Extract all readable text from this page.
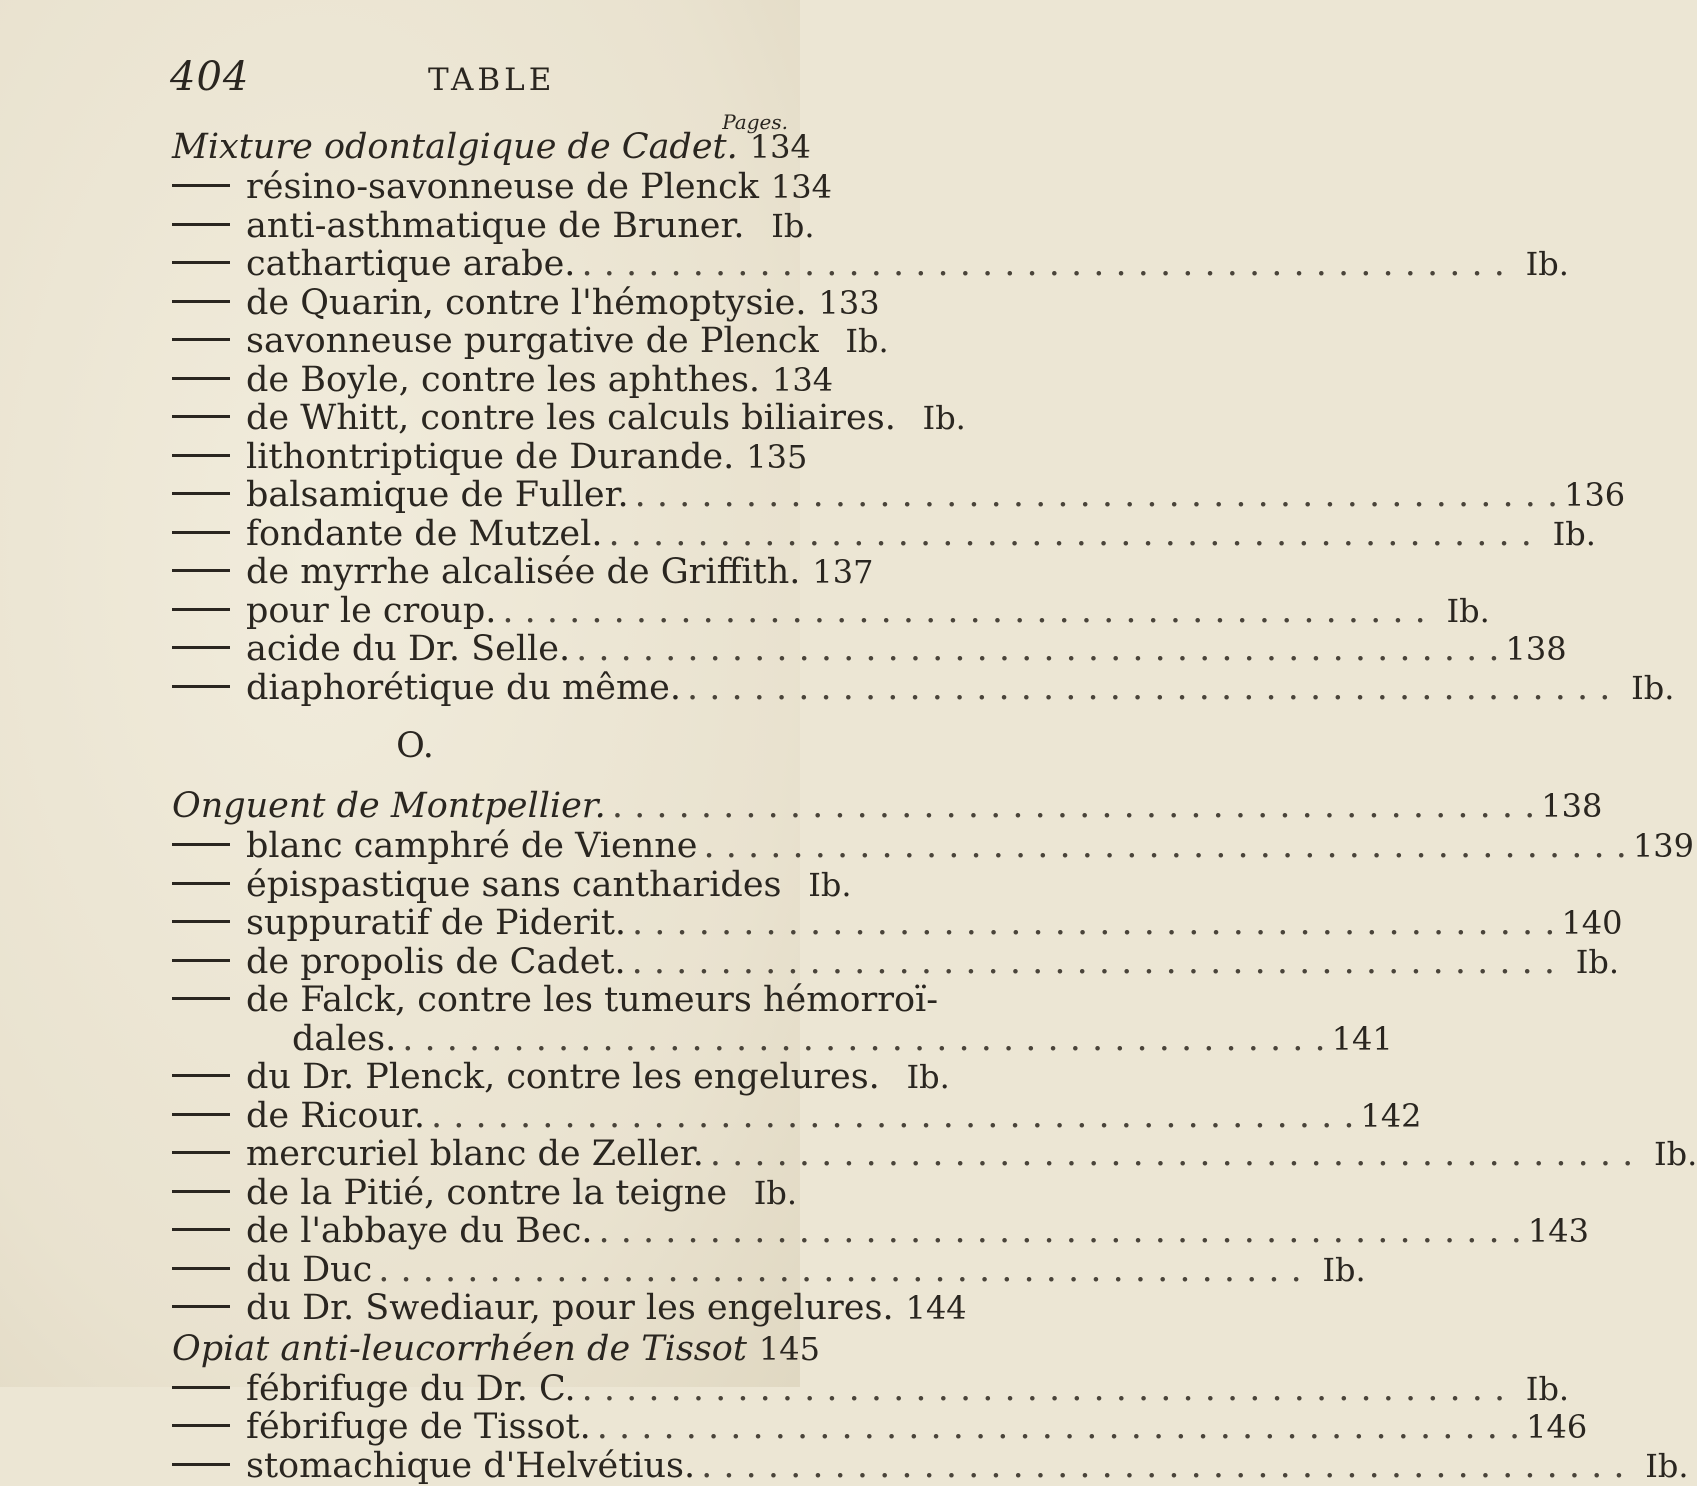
404	TABLE
Pages.
Mixture odontalgique de Cadet. 134
résino-savonneuse de Plenck 134
anti-asthmatique de Bruner. Ib.
cathartique arabe. . . .	Ib.
de Quarin, contre l'hémoptysie. 133
savonneuse purgative de Plenck Ib.
de Boyle, contre les aphthes. 134
de Whitt, contre les calculs biliaires. Ib.
lithontriptique de Durande. 135
balsamique de Fuller. . . .	136
fondante de Mutzel. . . .	Ib.
de myrrhe alcalisée de Griffith. 137
pour le croup. . . .	Ib.
acide du Dr. Selle. . . .	138
diaphorétique du même. . . .	Ib.
O.
Onguent de Montpellier. . . .	138
blanc camphré de Vienne . . .	139
épispastique sans cantharides Ib.
suppuratif de Piderit. . . .	140
de propolis de Cadet. . . .	Ib.
de Falck, contre les tumeurs hémorroï-
dales. . . .	141
du Dr. Plenck, contre les engelures. Ib.
de Ricour. . . .	142
mercuriel blanc de Zeller. . . .	Ib.
de la Pitié, contre la teigne Ib.
de l'abbaye du Bec. . . .	143
du Duc . . .	Ib.
du Dr. Swediaur, pour les engelures. 144
Opiat anti-leucorrhéen de Tissot 145
fébrifuge du Dr. C. . . .	Ib.
fébrifuge de Tissot. . . .	146
stomachique d'Helvétius. . . .	Ib.
